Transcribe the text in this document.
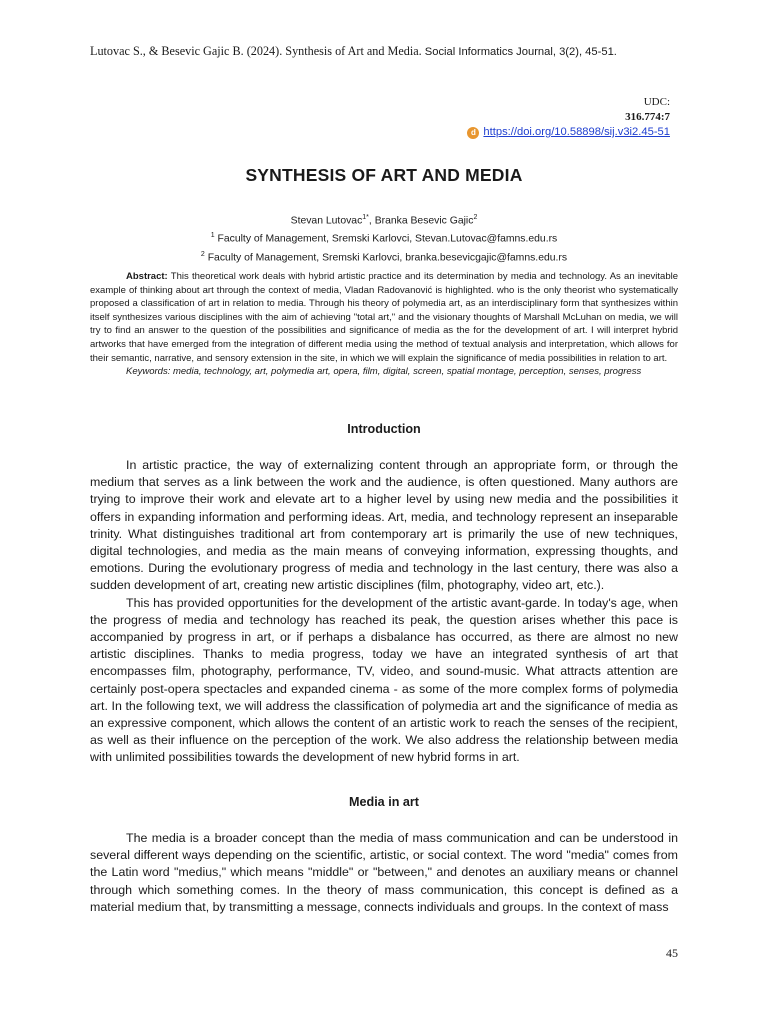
Lutovac S., & Besevic Gajic B. (2024). Synthesis of Art and Media. Social Informatics Journal, 3(2), 45-51.
UDC:
316.774:7
d https://doi.org/10.58898/sij.v3i2.45-51
SYNTHESIS OF ART AND MEDIA
Stevan Lutovac$^{1*}$, Branka Besevic Gajic$^2$
$^1$ Faculty of Management, Sremski Karlovci, Stevan.Lutovac@famns.edu.rs
$^2$ Faculty of Management, Sremski Karlovci, branka.besevicgajic@famns.edu.rs

Abstract: This theoretical work deals with hybrid artistic practice and its determination by media and technology. As an inevitable example of thinking about art through the context of media, Vladan Radovanović is highlighted. who is the only theorist who systematically proposed a classification of art in relation to media. Through his theory of polymedia art, as an interdisciplinary form that synthesizes within itself synthesizes various disciplines with the aim of achieving "total art," and the visionary thoughts of Marshall McLuhan on media, we will try to find an answer to the question of the possibilities and significance of media as the for the development of art. I will interpret hybrid artworks that have emerged from the integration of different media using the method of textual analysis and interpretation, which allows for their semantic, narrative, and sensory extension in the site, in which we will explain the significance of media possibilities in relation to art.

Keywords: media, technology, art, polymedia art, opera, film, digital, screen, spatial montage, perception, senses, progress

Introduction

In artistic practice, the way of externalizing content through an appropriate form, or through the medium that serves as a link between the work and the audience, is often questioned. Many authors are trying to improve their work and elevate art to a higher level by using new media and the possibilities it offers in expanding information and performing ideas. Art, media, and technology represent an inseparable trinity. What distinguishes traditional art from contemporary art is primarily the use of new techniques, digital technologies, and media as the main means of conveying information, expressing thoughts, and emotions. During the evolutionary progress of media and technology in the last century, there was also a sudden development of art, creating new artistic disciplines (film, photography, video art, etc.).

This has provided opportunities for the development of the artistic avant-garde. In today's age, when the progress of media and technology has reached its peak, the question arises whether this pace is accompanied by progress in art, or if perhaps a disbalance has occurred, as there are almost no new artistic disciplines. Thanks to media progress, today we have an integrated synthesis of art that encompasses film, photography, performance, TV, video, and sound-music. What attracts attention are certainly post-opera spectacles and expanded cinema - as some of the more complex forms of polymedia art. In the following text, we will address the classification of polymedia art and the significance of media as an expressive component, which allows the content of an artistic work to reach the senses of the recipient, as well as their influence on the perception of the work. We also address the relationship between media with unlimited possibilities towards the development of new hybrid forms in art.

Media in art

The media is a broader concept than the media of mass communication and can be understood in several different ways depending on the scientific, artistic, or social context. The word "media" comes from the Latin word "medius," which means "middle" or "between," and denotes an auxiliary means or channel through which something comes. In the theory of mass communication, this concept is defined as a material medium that, by transmitting a message, connects individuals and groups. In the context of mass

45
